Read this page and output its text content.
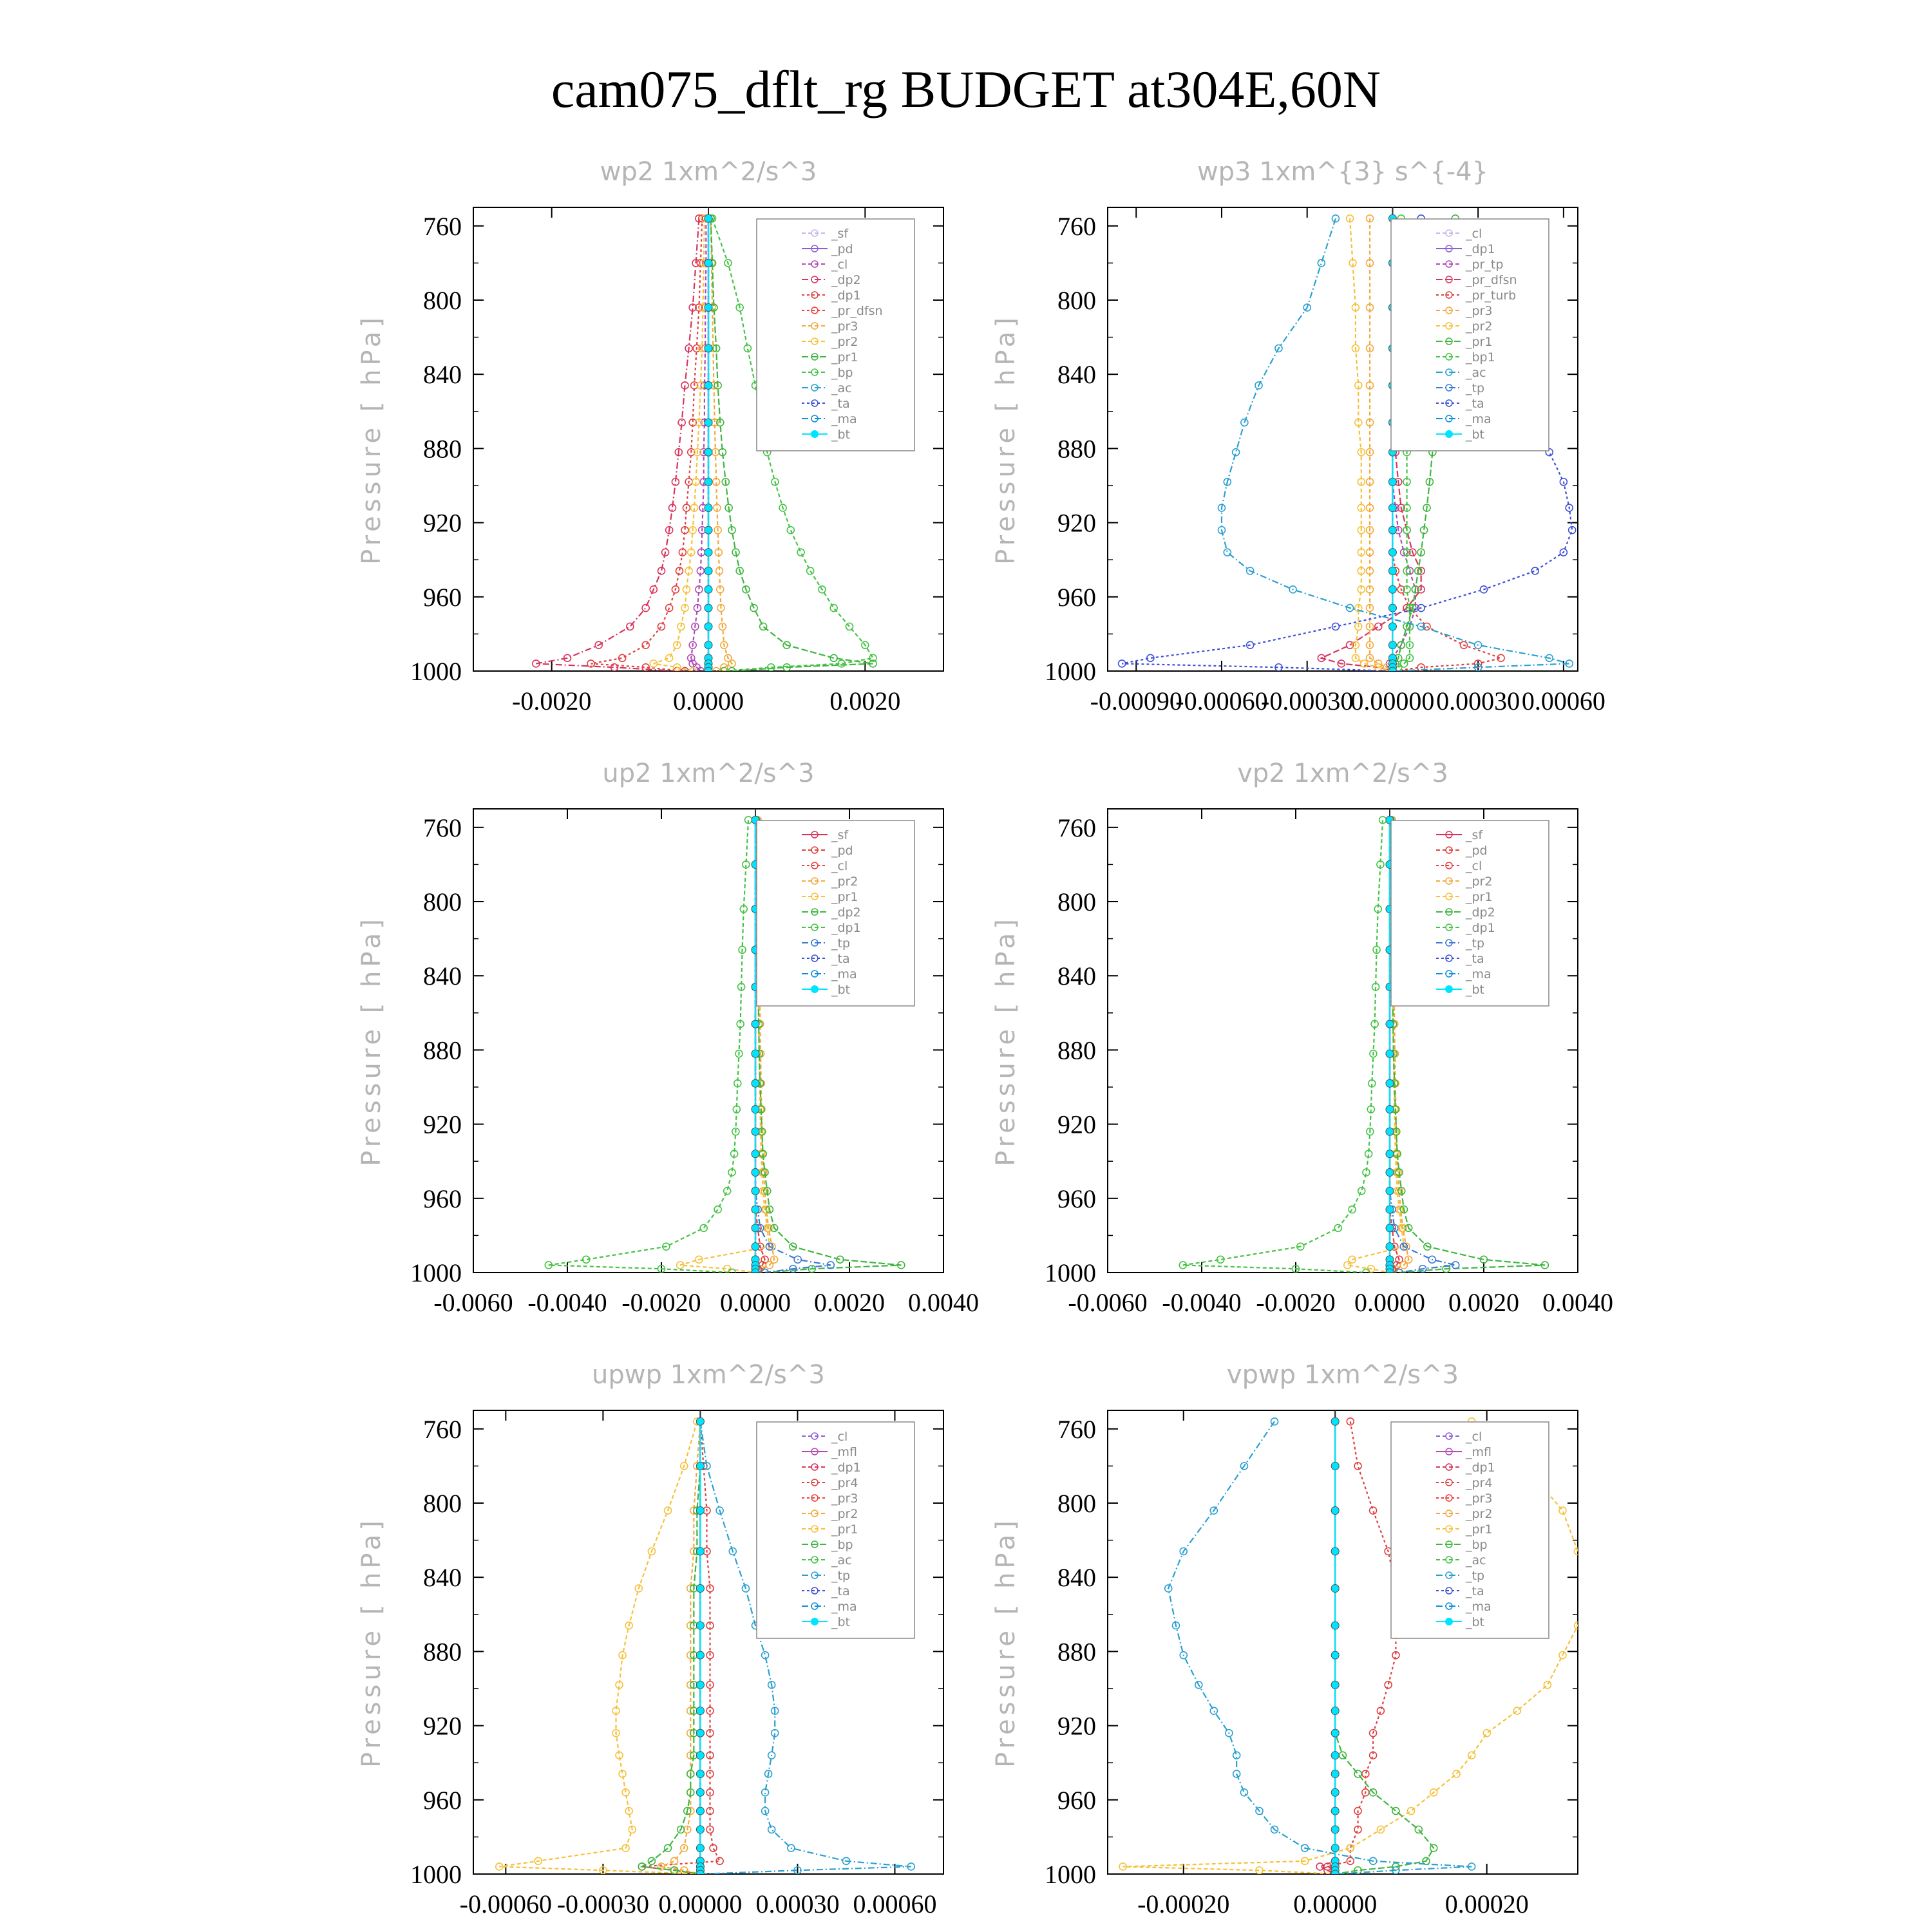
cam075_dflt_rg BUDGET at304E,60N
wp2 1xm^2/s^3
Pressure [ hPa]
760
800
840
880
920
960
1000
-0.0020	0.0000	0.0020
_sf
_pd
_cl
_dp2
_dp1
_pr_dfsn
_pr3
_pr2
_pr1
_bp
_ac
_ta
_ma
_bt
wp3 1xm^{3} s^{-4}
Pressure [ hPa]
760
800
840
880
920
960
1000
-0.00090
-0.00060
-0.00030
0.00000 0.00030 0.00060
_cl
_dp1
_pr_tp
_pr_dfsn
_pr_turb
_pr3
_pr2
_pr1
_bp1
_ac
_tp
_ta
_ma
_bt
up2 1xm^2/s^3
Pressure [ hPa]
760
800
840
880
920
960
1000
-0.0060 -0.0040 -0.0020 0.0000 0.0020 0.0040
_sf
_pd
_cl
_pr2
_pr1
_dp2
_dp1
_tp
_ta
_ma
_bt
vp2 1xm^2/s^3
Pressure [ hPa]
760
800
840
880
920
960
1000
-0.0060 -0.0040 -0.0020 0.0000 0.0020 0.0040
_sf
_pd
_cl
_pr2
_pr1
_dp2
_dp1
_tp
_ta
_ma
_bt
upwp 1xm^2/s^3
Pressure [ hPa]
760
800
840
880
920
960
1000
-0.00060 -0.00030 0.00000 0.00030 0.00060
_cl
_mfl
_dp1
_pr4
_pr3
_pr2
_pr1
_bp
_ac
_tp
_ta
_ma
_bt
vpwp 1xm^2/s^3
Pressure [ hPa]
760
800
840
880
920
960
1000
-0.00020 0.00000	0.00020
_cl
_mfl
_dp1
_pr4
_pr3
_pr2
_pr1
_bp
_ac
_tp
_ta
_ma
_bt
